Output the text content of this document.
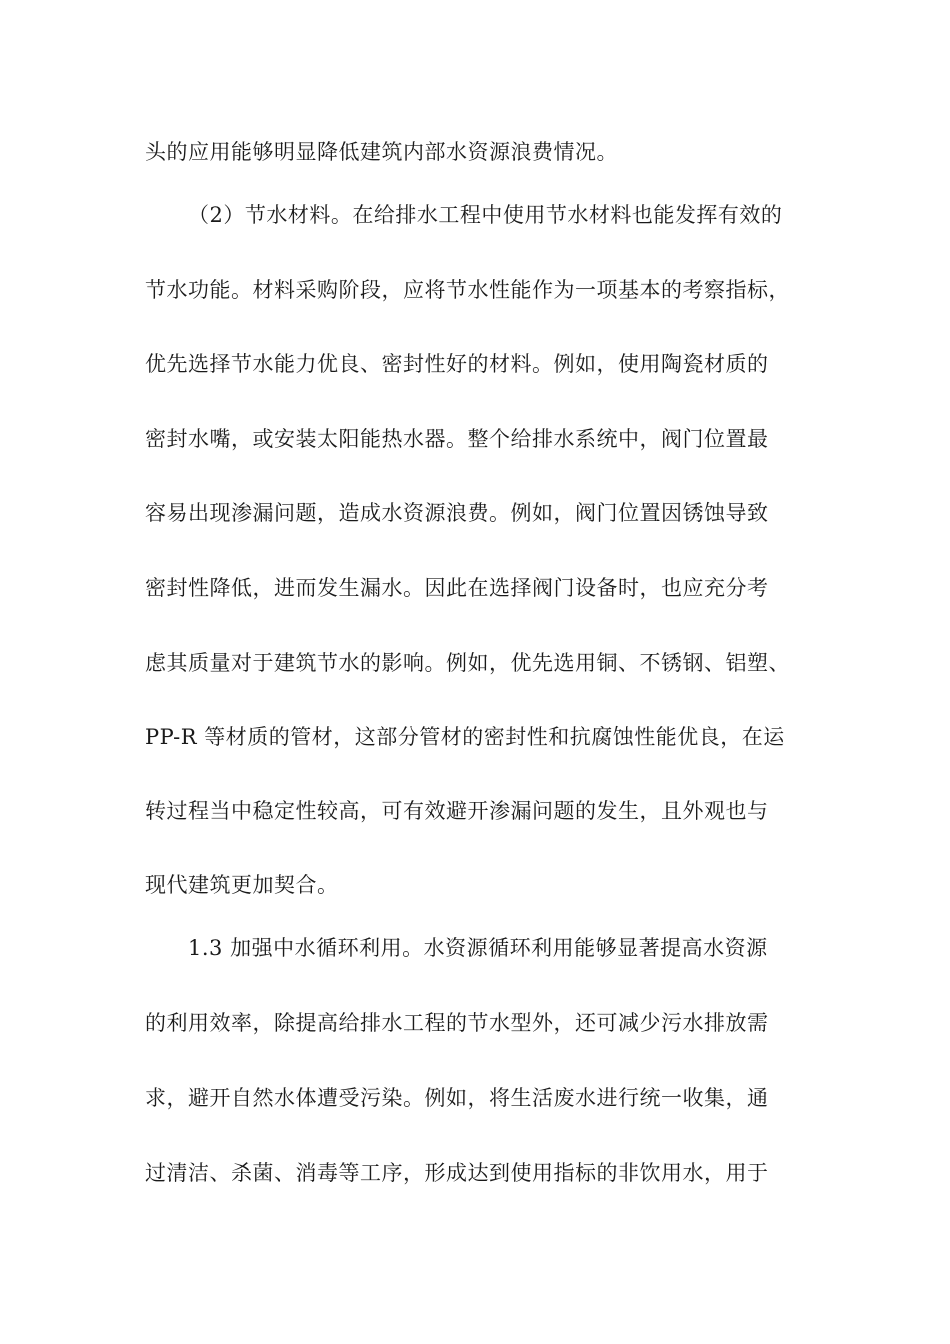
头的应用能够明显降低建筑内部水资源浪费情况。
（2）节水材料。在给排水工程中使用节水材料也能发挥有效的
节水功能。材料采购阶段，应将节水性能作为一项基本的考察指标，
优先选择节水能力优良、密封性好的材料。例如，使用陶瓷材质的
密封水嘴，或安装太阳能热水器。整个给排水系统中，阀门位置最
容易出现渗漏问题，造成水资源浪费。例如，阀门位置因锈蚀导致
密封性降低，进而发生漏水。因此在选择阀门设备时，也应充分考
虑其质量对于建筑节水的影响。例如，优先选用铜、不锈钢、铝塑、
PP-R 等材质的管材，这部分管材的密封性和抗腐蚀性能优良，在运
转过程当中稳定性较高，可有效避开渗漏问题的发生，且外观也与
现代建筑更加契合。
1.3 加强中水循环利用。水资源循环利用能够显著提高水资源
的利用效率，除提高给排水工程的节水型外，还可减少污水排放需
求，避开自然水体遭受污染。例如，将生活废水进行统一收集，通
过清洁、杀菌、消毒等工序，形成达到使用指标的非饮用水，用于
